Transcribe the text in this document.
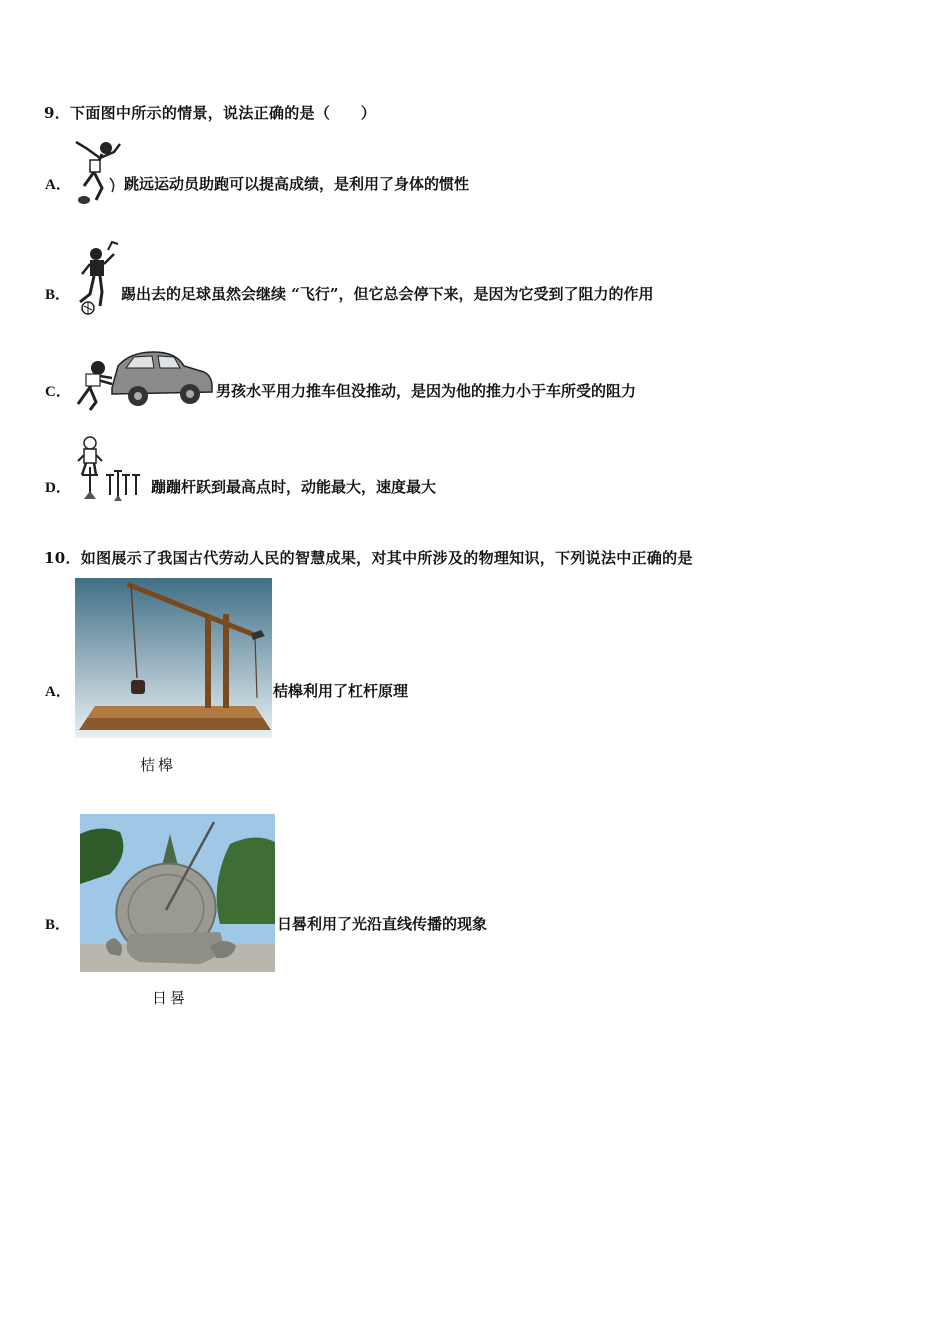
9．下面图中所示的情景，说法正确的是（　　）
A．	跳远运动员助跑可以提高成绩，是利用了身体的惯性
B．	踢出去的足球虽然会继续 “飞行”，但它总会停下来，是因为它受到了阻力的作用
C．	男孩水平用力推车但没推动，是因为他的推力小于车所受的阻力
D．	蹦蹦杆跃到最高点时，动能最大，速度最大
10．如图展示了我国古代劳动人民的智慧成果，对其中所涉及的物理知识，下列说法中正确的是
A．	桔槔利用了杠杆原理
桔槔
B．	日晷利用了光沿直线传播的现象
日晷
